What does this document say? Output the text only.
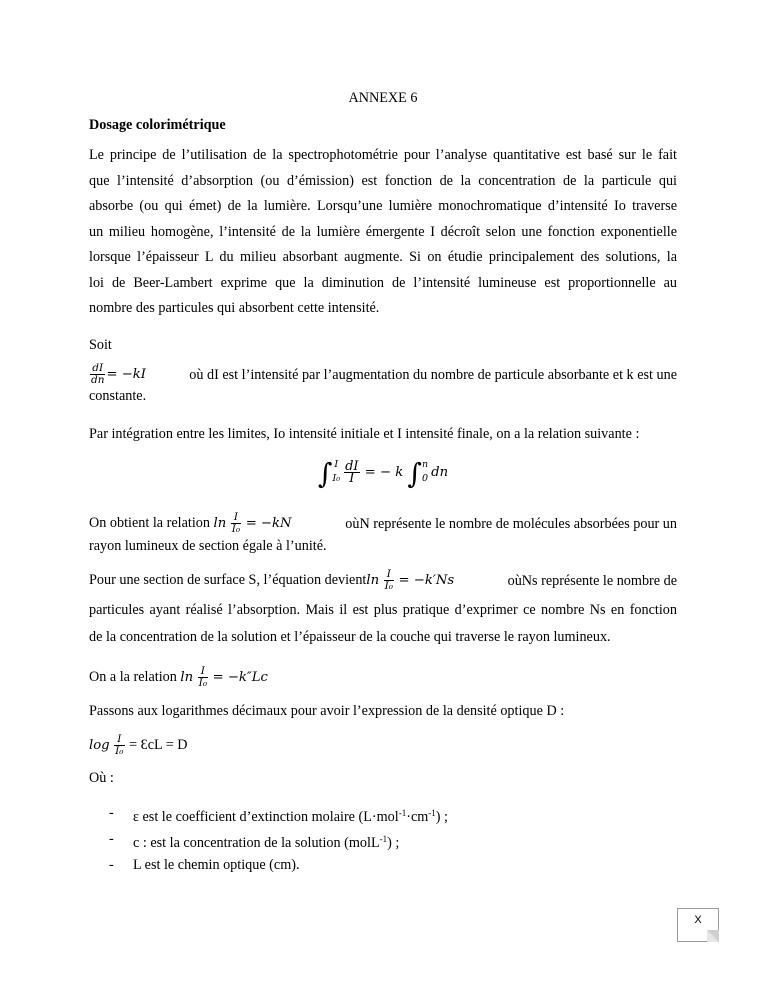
ANNEXE 6
Dosage colorimétrique
Le principe de l’utilisation de la spectrophotométrie pour l’analyse quantitative est basé sur le fait
que l’intensité d’absorption (ou d’émission) est fonction de la concentration de la particule qui
absorbe (ou qui émet) de la lumière. Lorsqu’une lumière monochromatique d’intensité Io traverse
un milieu homogène, l’intensité de la lumière émergente I décroît selon une fonction exponentielle
lorsque l’épaisseur L du milieu absorbant augmente. Si on étudie principalement des solutions, la
loi de Beer-Lambert exprime que la diminution de l’intensité lumineuse est proportionnelle au
nombre des particules qui absorbent cette intensité.
Soit
$\frac{dI}{dn} = -kI$	où dI est l’intensité par l’augmentation du nombre de particule absorbante et k est une
constante.
Par intégration entre les limites, Io intensité initiale et I intensité finale, on a la relation suivante :
∫ I
$I_0 \frac{dI}{I}$ = − k ∫ n
0 dn
On obtient la relation $\ln \frac{I}{\text{I₀}} = -kN$	oùN représente le nombre de molécules absorbées pour un
rayon lumineux de section égale à l’unité.
Pour une section de surface S, l’équation devientln $\frac{I}{\text{I₀}} = -k'Ns$	oùNs représente le nombre de
particules ayant réalisé l’absorption. Mais il est plus pratique d’exprimer ce nombre Ns en fonction
de la concentration de la solution et l’épaisseur de la couche qui traverse le rayon lumineux.
On a la relation $\ln \frac{I}{\text{I₀}} = -k''Lc$
Passons aux logarithmes décimaux pour avoir l’expression de la densité optique D :
$\log \frac{I}{\text{I₀}}$ = ƐcL = D
Où :
- ε est le coefficient d’extinction molaire $(L\cdot mol^{-1}\cdot cm^{-1})$ ;
- c : est la concentration de la solution (molL$^{-1}$) ;
- L est le chemin optique (cm).
X
